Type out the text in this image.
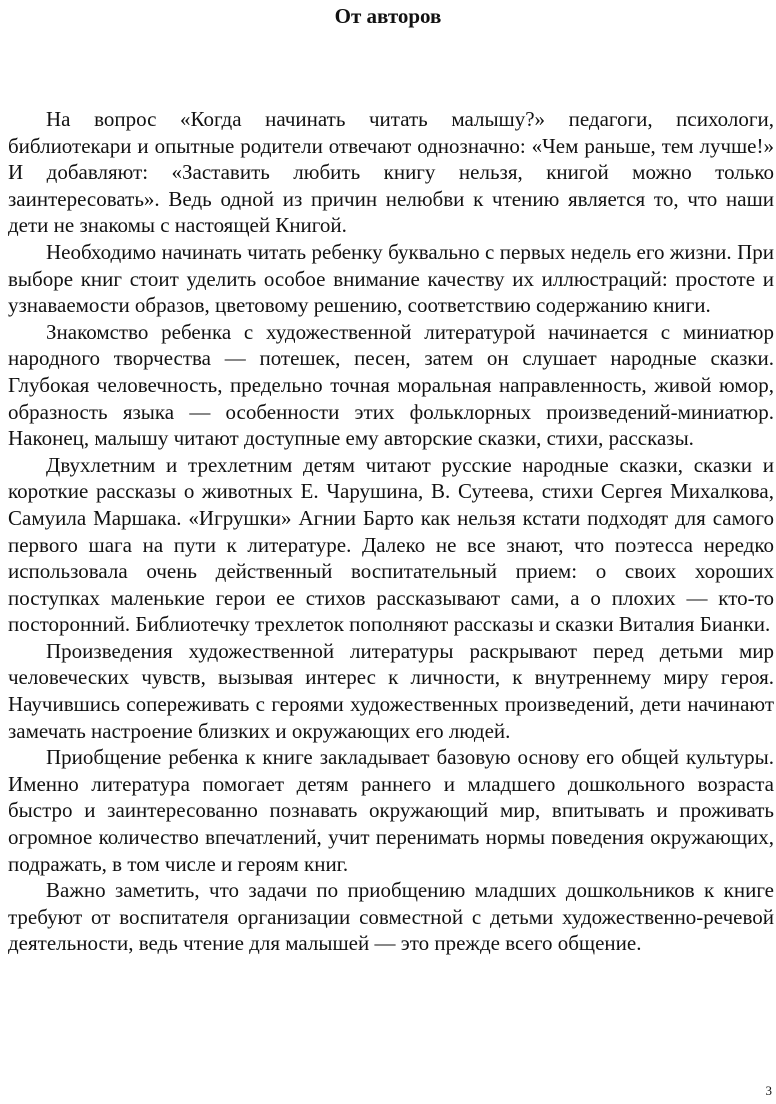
От авторов

На вопрос «Когда начинать читать малышу?» педагоги, психологи, библиотекари и опытные родители отвечают однозначно: «Чем раньше, тем лучше!» И добавляют: «Заставить любить книгу нельзя, книгой можно только заинтересовать». Ведь одной из причин нелюбви к чтению является то, что наши дети не знакомы с настоящей Книгой.

Необходимо начинать читать ребенку буквально с первых недель его жизни. При выборе книг стоит уделить особое внимание качеству их иллюстраций: простоте и узнаваемости образов, цветовому решению, соответствию содержанию книги.

Знакомство ребенка с художественной литературой начинается с миниатюр народного творчества — потешек, песен, затем он слушает народные сказки. Глубокая человечность, предельно точная моральная направленность, живой юмор, образность языка — особенности этих фольклорных произведений-миниатюр. Наконец, малышу читают доступные ему авторские сказки, стихи, рассказы.

Двухлетним и трехлетним детям читают русские народные сказки, сказки и короткие рассказы о животных Е. Чарушина, В. Сутеева, стихи Сергея Михалкова, Самуила Маршака. «Игрушки» Агнии Барто как нельзя кстати подходят для самого первого шага на пути к литературе. Далеко не все знают, что поэтесса нередко использовала очень действенный воспитательный прием: о своих хороших поступках маленькие герои ее стихов рассказывают сами, а о плохих — кто-то посторонний. Библиотечку трехлеток пополняют рассказы и сказки Виталия Бианки.

Произведения художественной литературы раскрывают перед детьми мир человеческих чувств, вызывая интерес к личности, к внутреннему миру героя. Научившись сопереживать с героями художественных произведений, дети начинают замечать настроение близких и окружающих его людей.

Приобщение ребенка к книге закладывает базовую основу его общей культуры. Именно литература помогает детям раннего и младшего дошкольного возраста быстро и заинтересованно познавать окружающий мир, впитывать и проживать огромное количество впечатлений, учит перенимать нормы поведения окружающих, подражать, в том числе и героям книг.

Важно заметить, что задачи по приобщению младших дошкольников к книге требуют от воспитателя организации совместной с детьми художественно-речевой деятельности, ведь чтение для малышей — это прежде всего общение.

3
